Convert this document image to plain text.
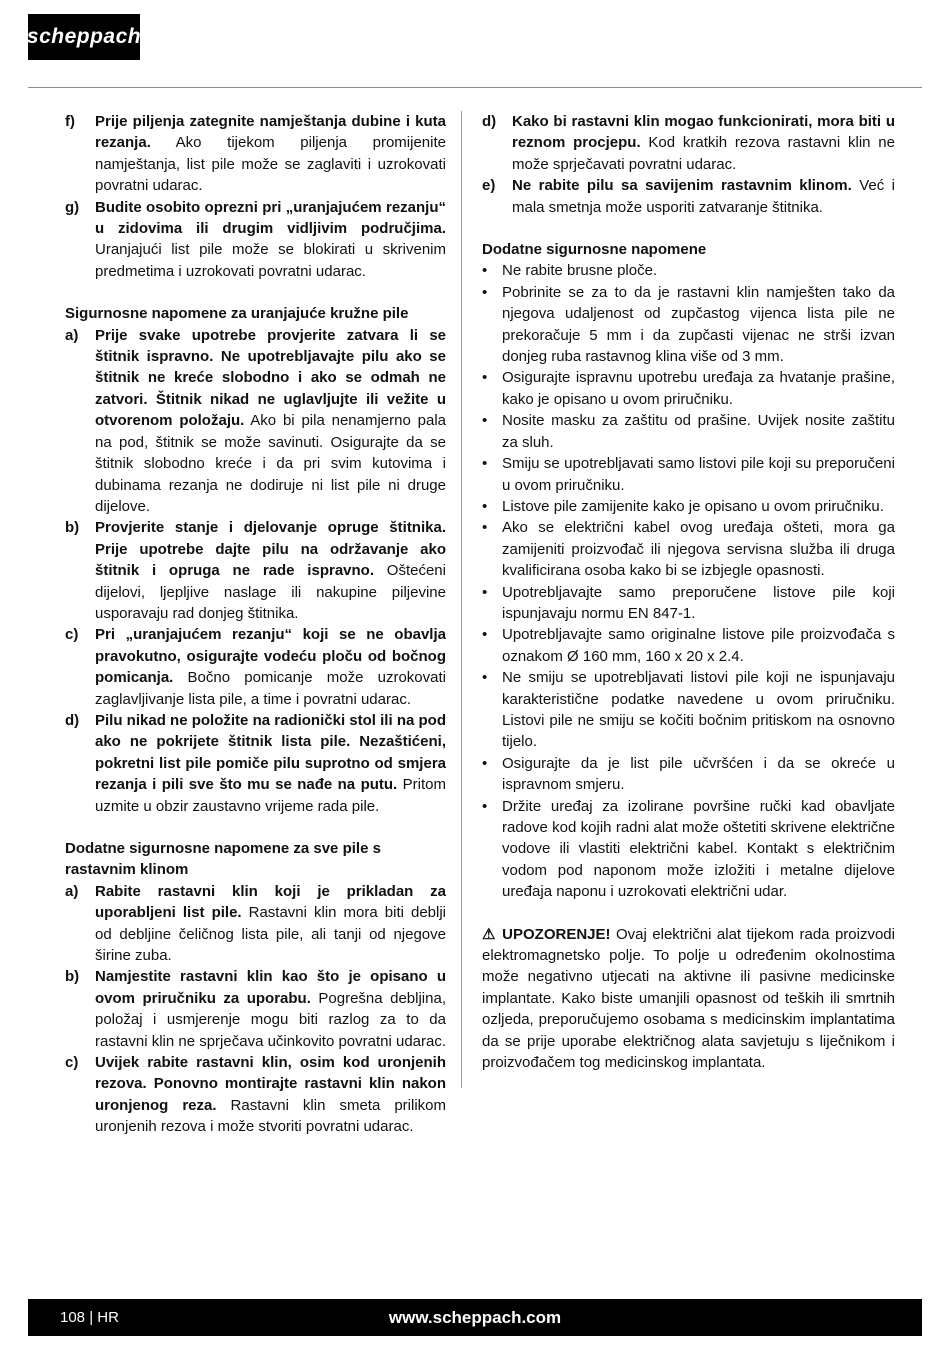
scheppach
f)	Prije piljenja zategnite namještanja dubine i kuta rezanja. Ako tijekom piljenja promijenite namještanja, list pile može se zaglaviti i uzrokovati povratni udarac.
g)	Budite osobito oprezni pri „uranjajućem rezanju“ u zidovima ili drugim vidljivim područjima. Uranjajući list pile može se blokirati u skrivenim predmetima i uzrokovati povratni udarac.
Sigurnosne napomene za uranjajuće kružne pile
a)	Prije svake upotrebe provjerite zatvara li se štitnik ispravno. Ne upotrebljavajte pilu ako se štitnik ne kreće slobodno i ako se odmah ne zatvori. Štitnik nikad ne uglavljujte ili vežite u otvorenom položaju. Ako bi pila nenamjerno pala na pod, štitnik se može savinuti. Osigurajte da se štitnik slobodno kreće i da pri svim kutovima i dubinama rezanja ne dodiruje ni list pile ni druge dijelove.
b)	Provjerite stanje i djelovanje opruge štitnika. Prije upotrebe dajte pilu na održavanje ako štitnik i opruga ne rade ispravno. Oštećeni dijelovi, ljepljive naslage ili nakupine piljevine usporavaju rad donjeg štitnika.
c)	Pri „uranjajućem rezanju“ koji se ne obavlja pravokutno, osigurajte vodeću ploču od bočnog pomicanja. Bočno pomicanje može uzrokovati zaglavljivanje lista pile, a time i povratni udarac.
d)	Pilu nikad ne položite na radionički stol ili na pod ako ne pokrijete štitnik lista pile. Nezaštićeni, pokretni list pile pomiče pilu suprotno od smjera rezanja i pili sve što mu se nađe na putu. Pritom uzmite u obzir zaustavno vrijeme rada pile.
Dodatne sigurnosne napomene za sve pile s rastavnim klinom
a)	Rabite rastavni klin koji je prikladan za uporabljeni list pile. Rastavni klin mora biti deblji od debljine čeličnog lista pile, ali tanji od njegove širine zuba.
b)	Namjestite rastavni klin kao što je opisano u ovom priručniku za uporabu. Pogrešna debljina, položaj i usmjerenje mogu biti razlog za to da rastavni klin ne sprječava učinkovito povratni udarac.
c)	Uvijek rabite rastavni klin, osim kod uronjenih rezova. Ponovno montirajte rastavni klin nakon uronjenog reza. Rastavni klin smeta prilikom uronjenih rezova i može stvoriti povratni udarac.
d)	Kako bi rastavni klin mogao funkcionirati, mora biti u reznom procjepu. Kod kratkih rezova rastavni klin ne može sprječavati povratni udarac.
e)	Ne rabite pilu sa savijenim rastavnim klinom. Već i mala smetnja može usporiti zatvaranje štitnika.
Dodatne sigurnosne napomene
• Ne rabite brusne ploče.
• Pobrinite se za to da je rastavni klin namješten tako da njegova udaljenost od zupčastog vijenca lista pile ne prekoračuje 5 mm i da zupčasti vijenac ne strši izvan donjeg ruba rastavnog klina više od 3 mm.
• Osigurajte ispravnu upotrebu uređaja za hvatanje prašine, kako je opisano u ovom priručniku.
• Nosite masku za zaštitu od prašine. Uvijek nosite zaštitu za sluh.
• Smiju se upotrebljavati samo listovi pile koji su preporučeni u ovom priručniku.
• Listove pile zamijenite kako je opisano u ovom priručniku.
• Ako se električni kabel ovog uređaja ošteti, mora ga zamijeniti proizvođač ili njegova servisna služba ili druga kvalificirana osoba kako bi se izbjegle opasnosti.
• Upotrebljavajte samo preporučene listove pile koji ispunjavaju normu EN 847-1.
• Upotrebljavajte samo originalne listove pile proizvođača s oznakom Ø 160 mm, 160 x 20 x 2.4.
• Ne smiju se upotrebljavati listovi pile koji ne ispunjavaju karakteristične podatke navedene u ovom priručniku. Listovi pile ne smiju se kočiti bočnim pritiskom na osnovno tijelo.
• Osigurajte da je list pile učvršćen i da se okreće u ispravnom smjeru.
• Držite uređaj za izolirane površine ručki kad obavljate radove kod kojih radni alat može oštetiti skrivene električne vodove ili vlastiti električni kabel. Kontakt s električnim vodom pod naponom može izložiti i metalne dijelove uređaja naponu i uzrokovati električni udar.
⚠ UPOZORENJE! Ovaj električni alat tijekom rada proizvodi elektromagnetsko polje. To polje u određenim okolnostima može negativno utjecati na aktivne ili pasivne medicinske implantate. Kako biste umanjili opasnost od teških ili smrtnih ozljeda, preporučujemo osobama s medicinskim implantatima da se prije uporabe električnog alata savjetuju s liječnikom i proizvođačem tog medicinskog implantata.
108 | HR	www.scheppach.com
